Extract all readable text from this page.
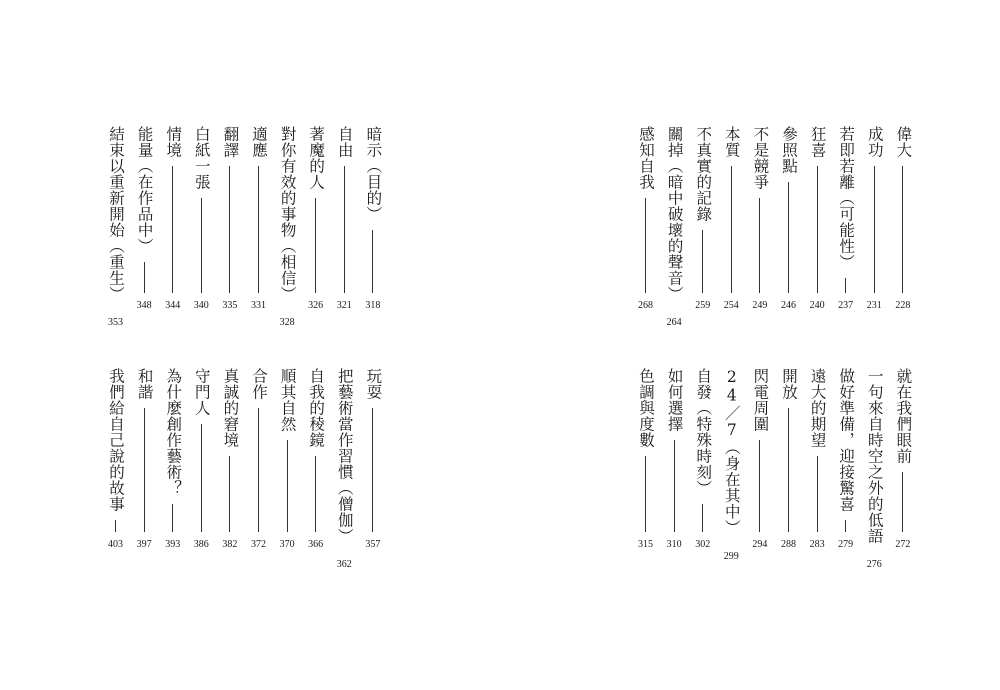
偉大
228
成功
231
若即若離（可能性）
237
狂喜
240
參照點
246
不是競爭
249
本質
254
不真實的記錄
259
關掉（暗中破壞的聲音）
264
感知自我
268
暗示（目的）
318
自由
321
著魔的人
326
對你有效的事物（相信）
328
適應
331
翻譯
335
白紙一張
340
情境
344
能量（在作品中）
348
結束以重新開始（重生）
353
就在我們眼前
272
一句來自時空之外的低語
276
做好準備，迎接驚喜
279
遠大的期望
283
開放
288
閃電周圍
294
24／7（身在其中）
299
自發（特殊時刻）
302
如何選擇
310
色調與度數
315
玩耍
357
把藝術當作習慣（僧伽）
362
自我的稜鏡
366
順其自然
370
合作
372
真誠的窘境
382
守門人
386
為什麼創作藝術？
393
和諧
397
我們給自己說的故事
403
